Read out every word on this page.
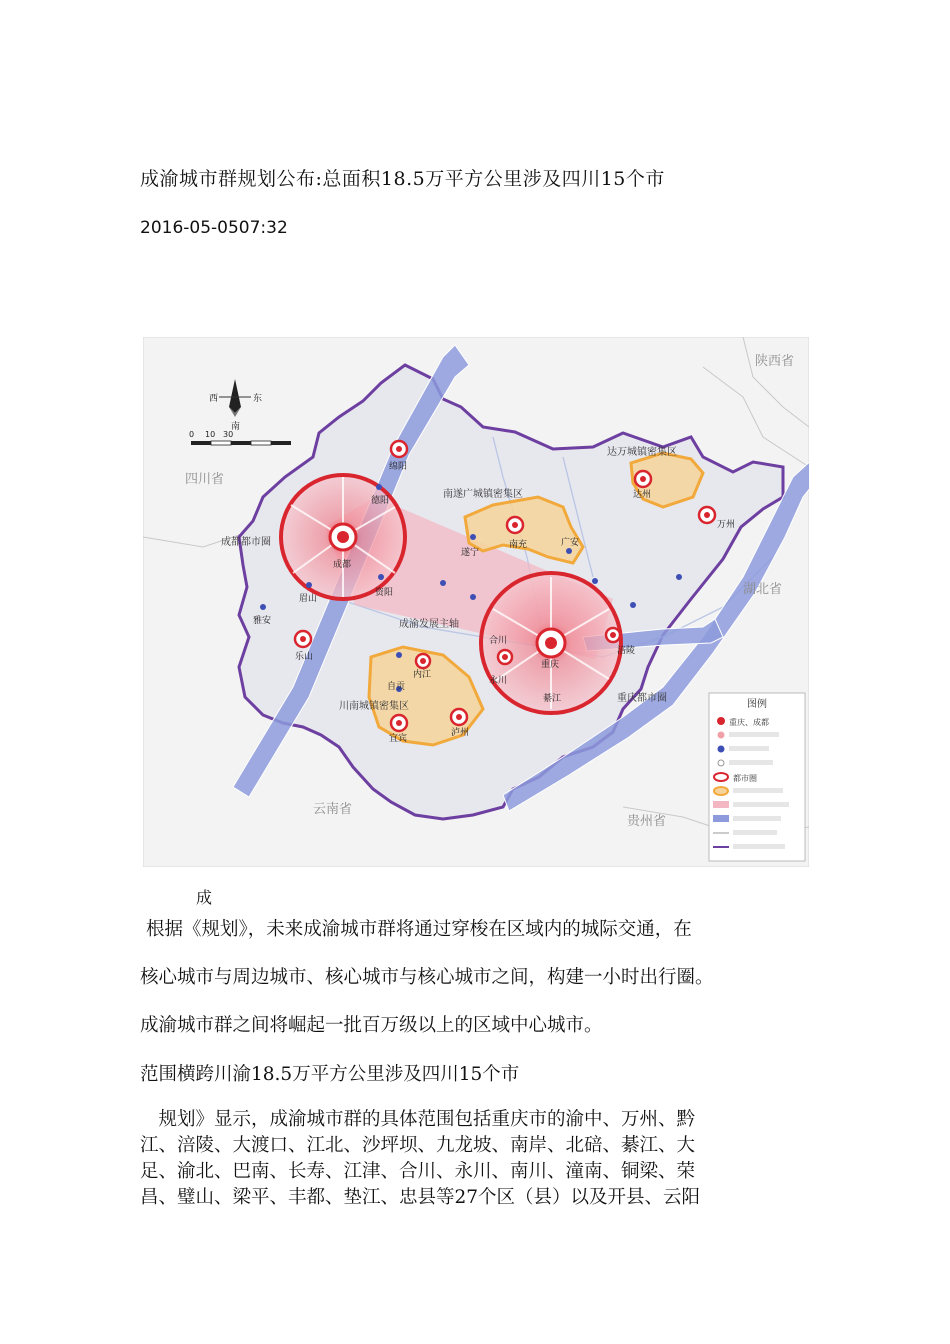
成渝城市群规划公布:总面积18.5万平方公里涉及四川15个市
2016-05-0507:32
陕西省
四川省
湖北省
云南省
贵州省
西	东
南
0 10 30
成都都市圈
重庆都市圈
南遂广城镇密集区
达万城镇密集区
川南城镇密集区
成渝发展主轴
成都
重庆
绵阳
德阳
资阳
眉山
乐山
雅安
遂宁
南充	广安
达州
万州
内江
自贡
宜宾
泸州
永川
合川
綦江
涪陵
图例
重庆、成都
都市圈
成
根据《规划》，未来成渝城市群将通过穿梭在区域内的城际交通，在
核心城市与周边城市、核心城市与核心城市之间，构建一小时出行圈。
成渝城市群之间将崛起一批百万级以上的区域中心城市。
范围横跨川渝18.5万平方公里涉及四川15个市
　规划》显示，成渝城市群的具体范围包括重庆市的渝中、万州、黔
江、涪陵、大渡口、江北、沙坪坝、九龙坡、南岸、北碚、綦江、大
足、渝北、巴南、长寿、江津、合川、永川、南川、潼南、铜梁、荣
昌、璧山、梁平、丰都、垫江、忠县等27个区（县）以及开县、云阳
